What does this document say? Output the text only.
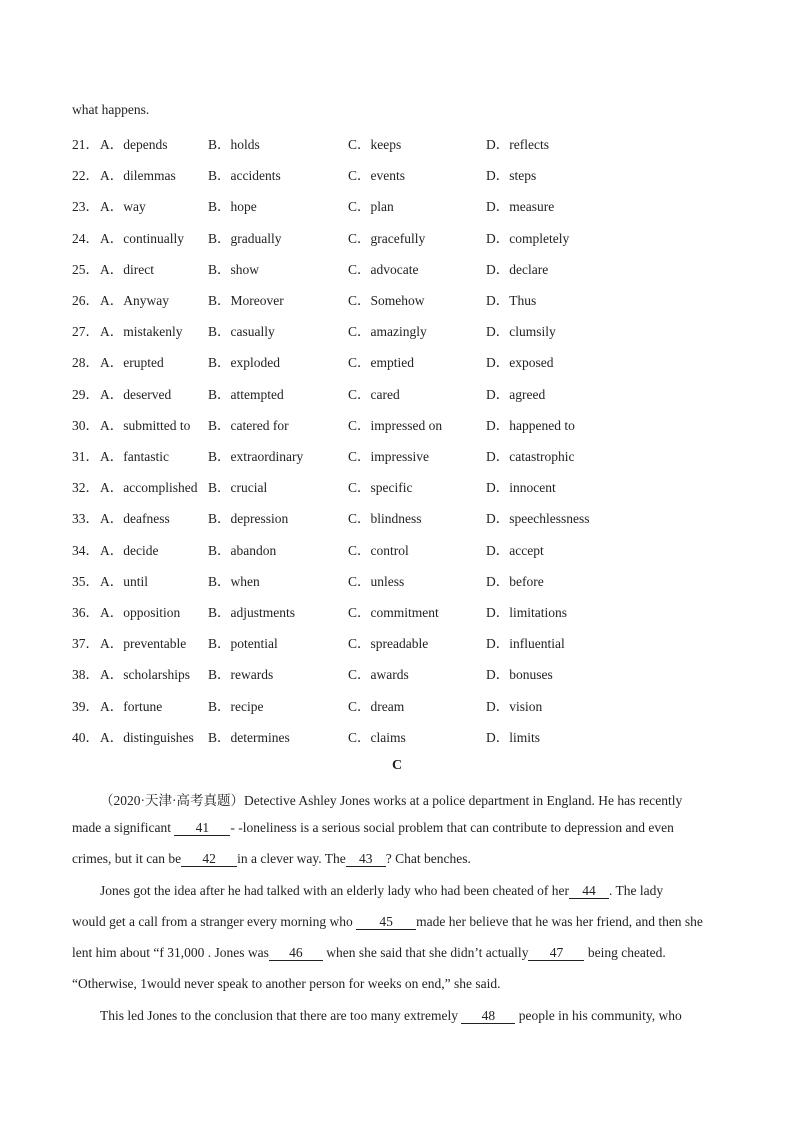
what happens.
21． A．depends	B．holds	C．keeps	D．reflects
22． A．dilemmas B．accidents	C．events	D．steps
23． A．way	B．hope	C．plan	D．measure
24． A．continually B．gradually	C．gracefully	D．completely
25． A．direct	B．show	C．advocate	D．declare
26． A．Anyway	B．Moreover	C．Somehow	D．Thus
27． A．mistakenly B．casually	C．amazingly	D．clumsily
28． A．erupted	B．exploded	C．emptied	D．exposed
29． A．deserved	B．attempted	C．cared	D．agreed
30． A．submitted to B．catered for	C．impressed on	D．happened to
31． A．fantastic	B．extraordinary	C．impressive	D．catastrophic
32． A．accomplished B．crucial	C．specific	D．innocent
33． A．deafness	B．depression	C．blindness	D．speechlessness
34． A．decide	B．abandon	C．control	D．accept
35． A．until	B．when	C．unless	D．before
36． A．opposition B．adjustments	C．commitment	D．limitations
37． A．preventable B．potential	C．spreadable	D．influential
38． A．scholarships B．rewards	C．awards	D．bonuses
39． A．fortune	B．recipe	C．dream	D．vision
40． A．distinguishes B．determines	C．claims	D．limits
C
（2020·天津·高考真题）Detective Ashley Jones works at a police department in England. He has recently
made a significant 41 - -loneliness is a serious social problem that can contribute to depression and even
crimes, but it can be 42 in a clever way. The 43 ? Chat benches.
Jones got the idea after he had talked with an elderly lady who had been cheated of her 44 . The lady
would get a call from a stranger every morning who 45 made her believe that he was her friend, and then she
lent him about “f 31,000 . Jones was 46 when she said that she didn’t actually 47 being cheated.
“Otherwise, 1would never speak to another person for weeks on end,” she said.
This led Jones to the conclusion that there are too many extremely 48 people in his community, who
